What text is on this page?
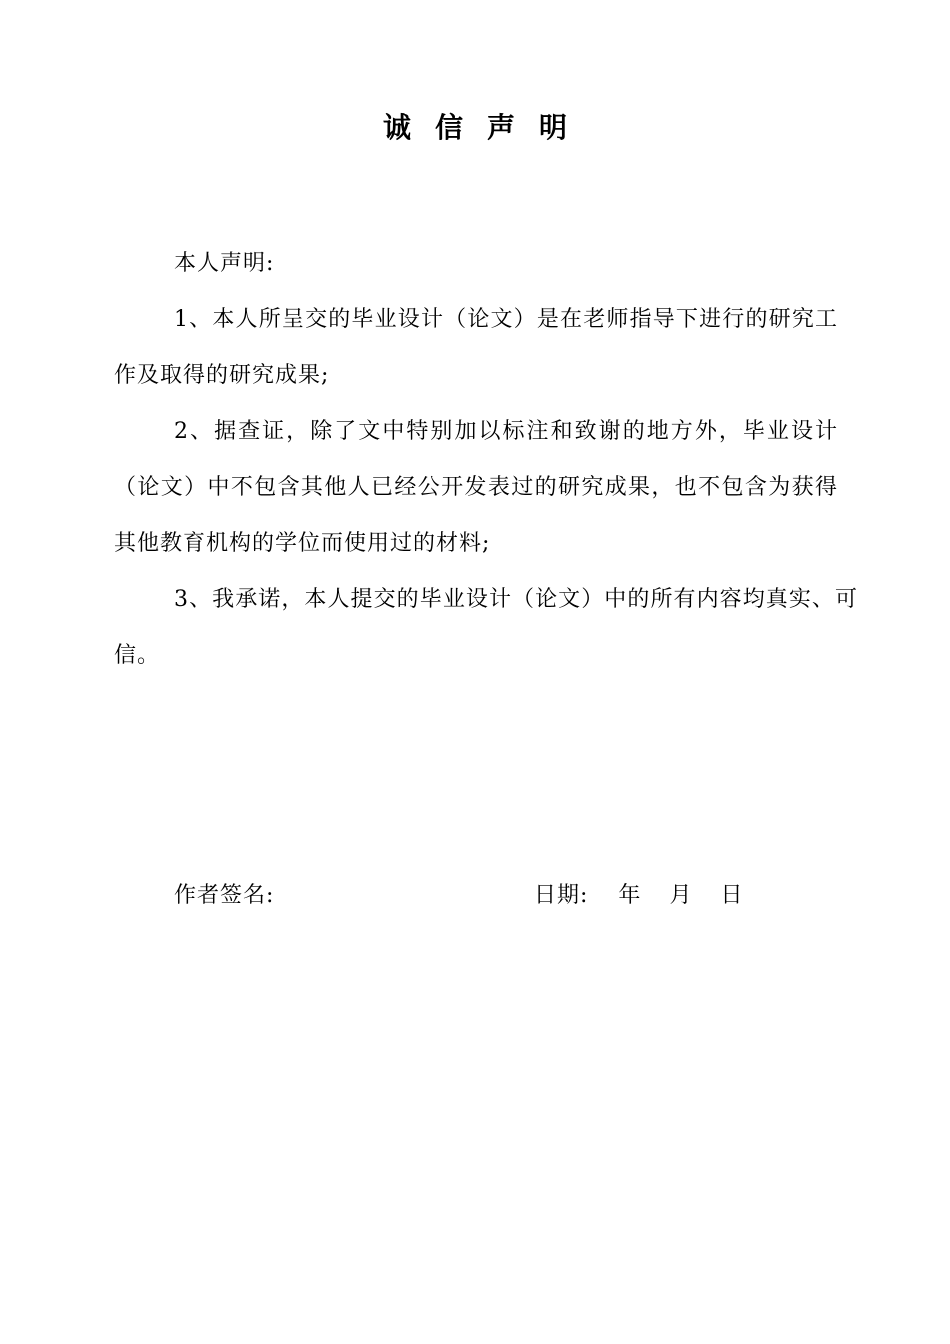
诚信声明
本人声明:
1、本人所呈交的毕业设计（论文）是在老师指导下进行的研究工作及取得的研究成果;
2、据查证，除了文中特别加以标注和致谢的地方外，毕业设计（论文）中不包含其他人已经公开发表过的研究成果，也不包含为获得其他教育机构的学位而使用过的材料;
3、我承诺，本人提交的毕业设计（论文）中的所有内容均真实、可信。
作者签名:	日期: 年 月 日
